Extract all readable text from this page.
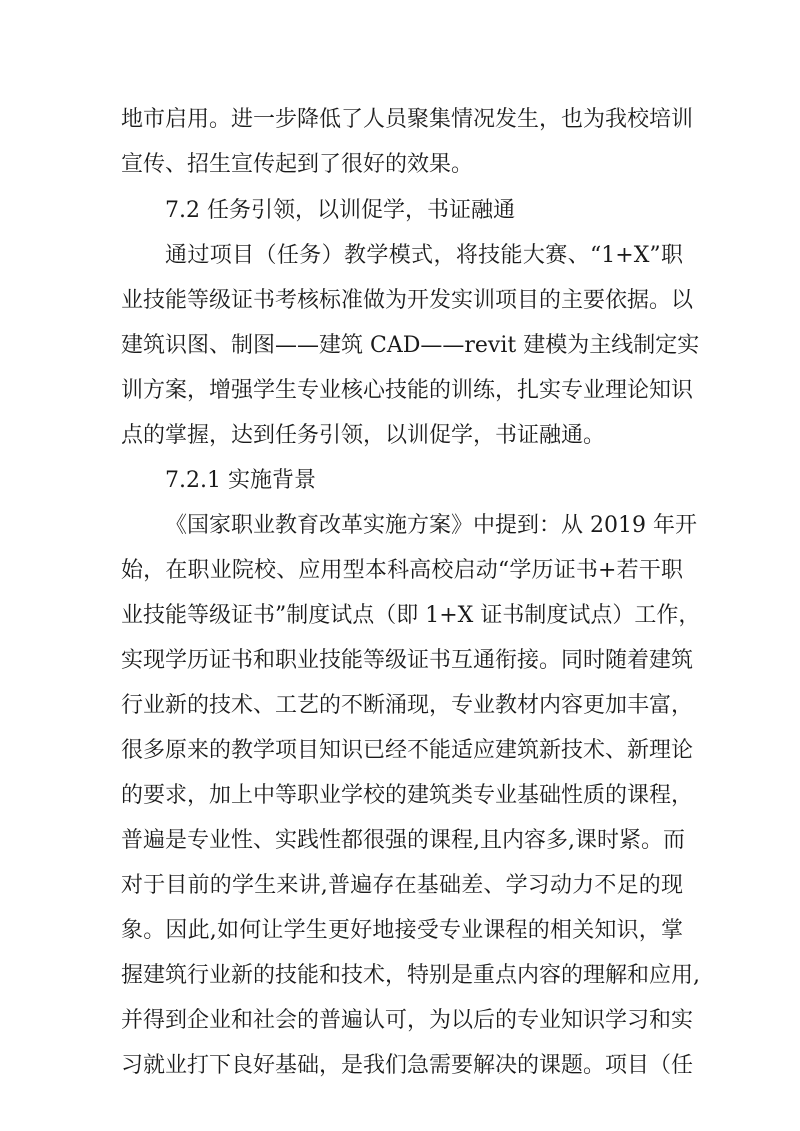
地市启用。进一步降低了人员聚集情况发生，也为我校培训
宣传、招生宣传起到了很好的效果。
7.2 任务引领，以训促学，书证融通
通过项目（任务）教学模式，将技能大赛、“1+X”职
业技能等级证书考核标准做为开发实训项目的主要依据。以
建筑识图、制图——建筑 CAD——revit 建模为主线制定实
训方案，增强学生专业核心技能的训练，扎实专业理论知识
点的掌握，达到任务引领，以训促学，书证融通。
7.2.1 实施背景
《国家职业教育改革实施方案》中提到：从 2019 年开
始，在职业院校、应用型本科高校启动“学历证书+若干职
业技能等级证书”制度试点（即 1+X 证书制度试点）工作，
实现学历证书和职业技能等级证书互通衔接。同时随着建筑
行业新的技术、工艺的不断涌现，专业教材内容更加丰富，
很多原来的教学项目知识已经不能适应建筑新技术、新理论
的要求，加上中等职业学校的建筑类专业基础性质的课程，
普遍是专业性、实践性都很强的课程,且内容多,课时紧。而
对于目前的学生来讲,普遍存在基础差、学习动力不足的现
象。因此,如何让学生更好地接受专业课程的相关知识，掌
握建筑行业新的技能和技术，特别是重点内容的理解和应用,
并得到企业和社会的普遍认可，为以后的专业知识学习和实
习就业打下良好基础，是我们急需要解决的课题。项目（任
